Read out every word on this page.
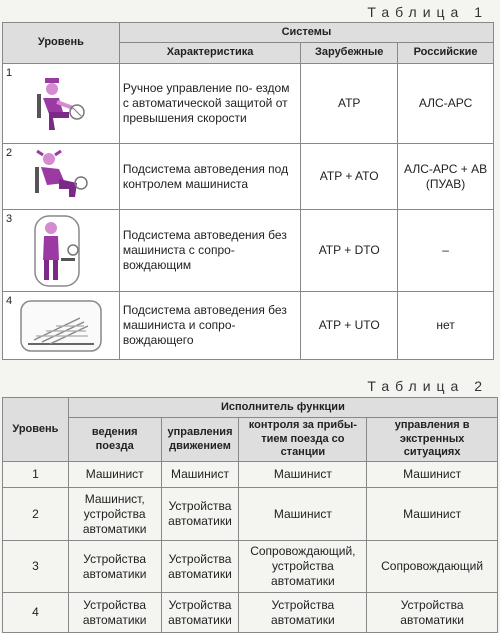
Таблица 1
Уровень	Системы		
	Характеристика	Зарубежные	Российские

1	Ручное управление по- ездом с автоматической защитой от превышения скорости	ATP	АЛС-АРС

2	Подсистема автоведения под контролем машиниста	ATP + ATO	АЛС-АРС + АВ (ПУАВ)

3	Подсистема автоведения без машиниста с сопро- вождающим	ATP + DTO	–

4	Подсистема автоведения без машиниста и сопро- вождающего	ATP + UTO	нет
Таблица 2
Уровень	Исполнитель функции			
	ведения поезда	управления движением	контроля за прибы- тием поезда со станции	управления в экстренных ситуациях
1	Машинист	Машинист	Машинист	Машинист
2	Машинист, устройства автоматики	Устройства автоматики	Машинист	Машинист
3	Устройства автоматики	Устройства автоматики	Сопровождающий, устройства автоматики	Сопровождающий
4	Устройства автоматики	Устройства автоматики	Устройства автоматики	Устройства автоматики
